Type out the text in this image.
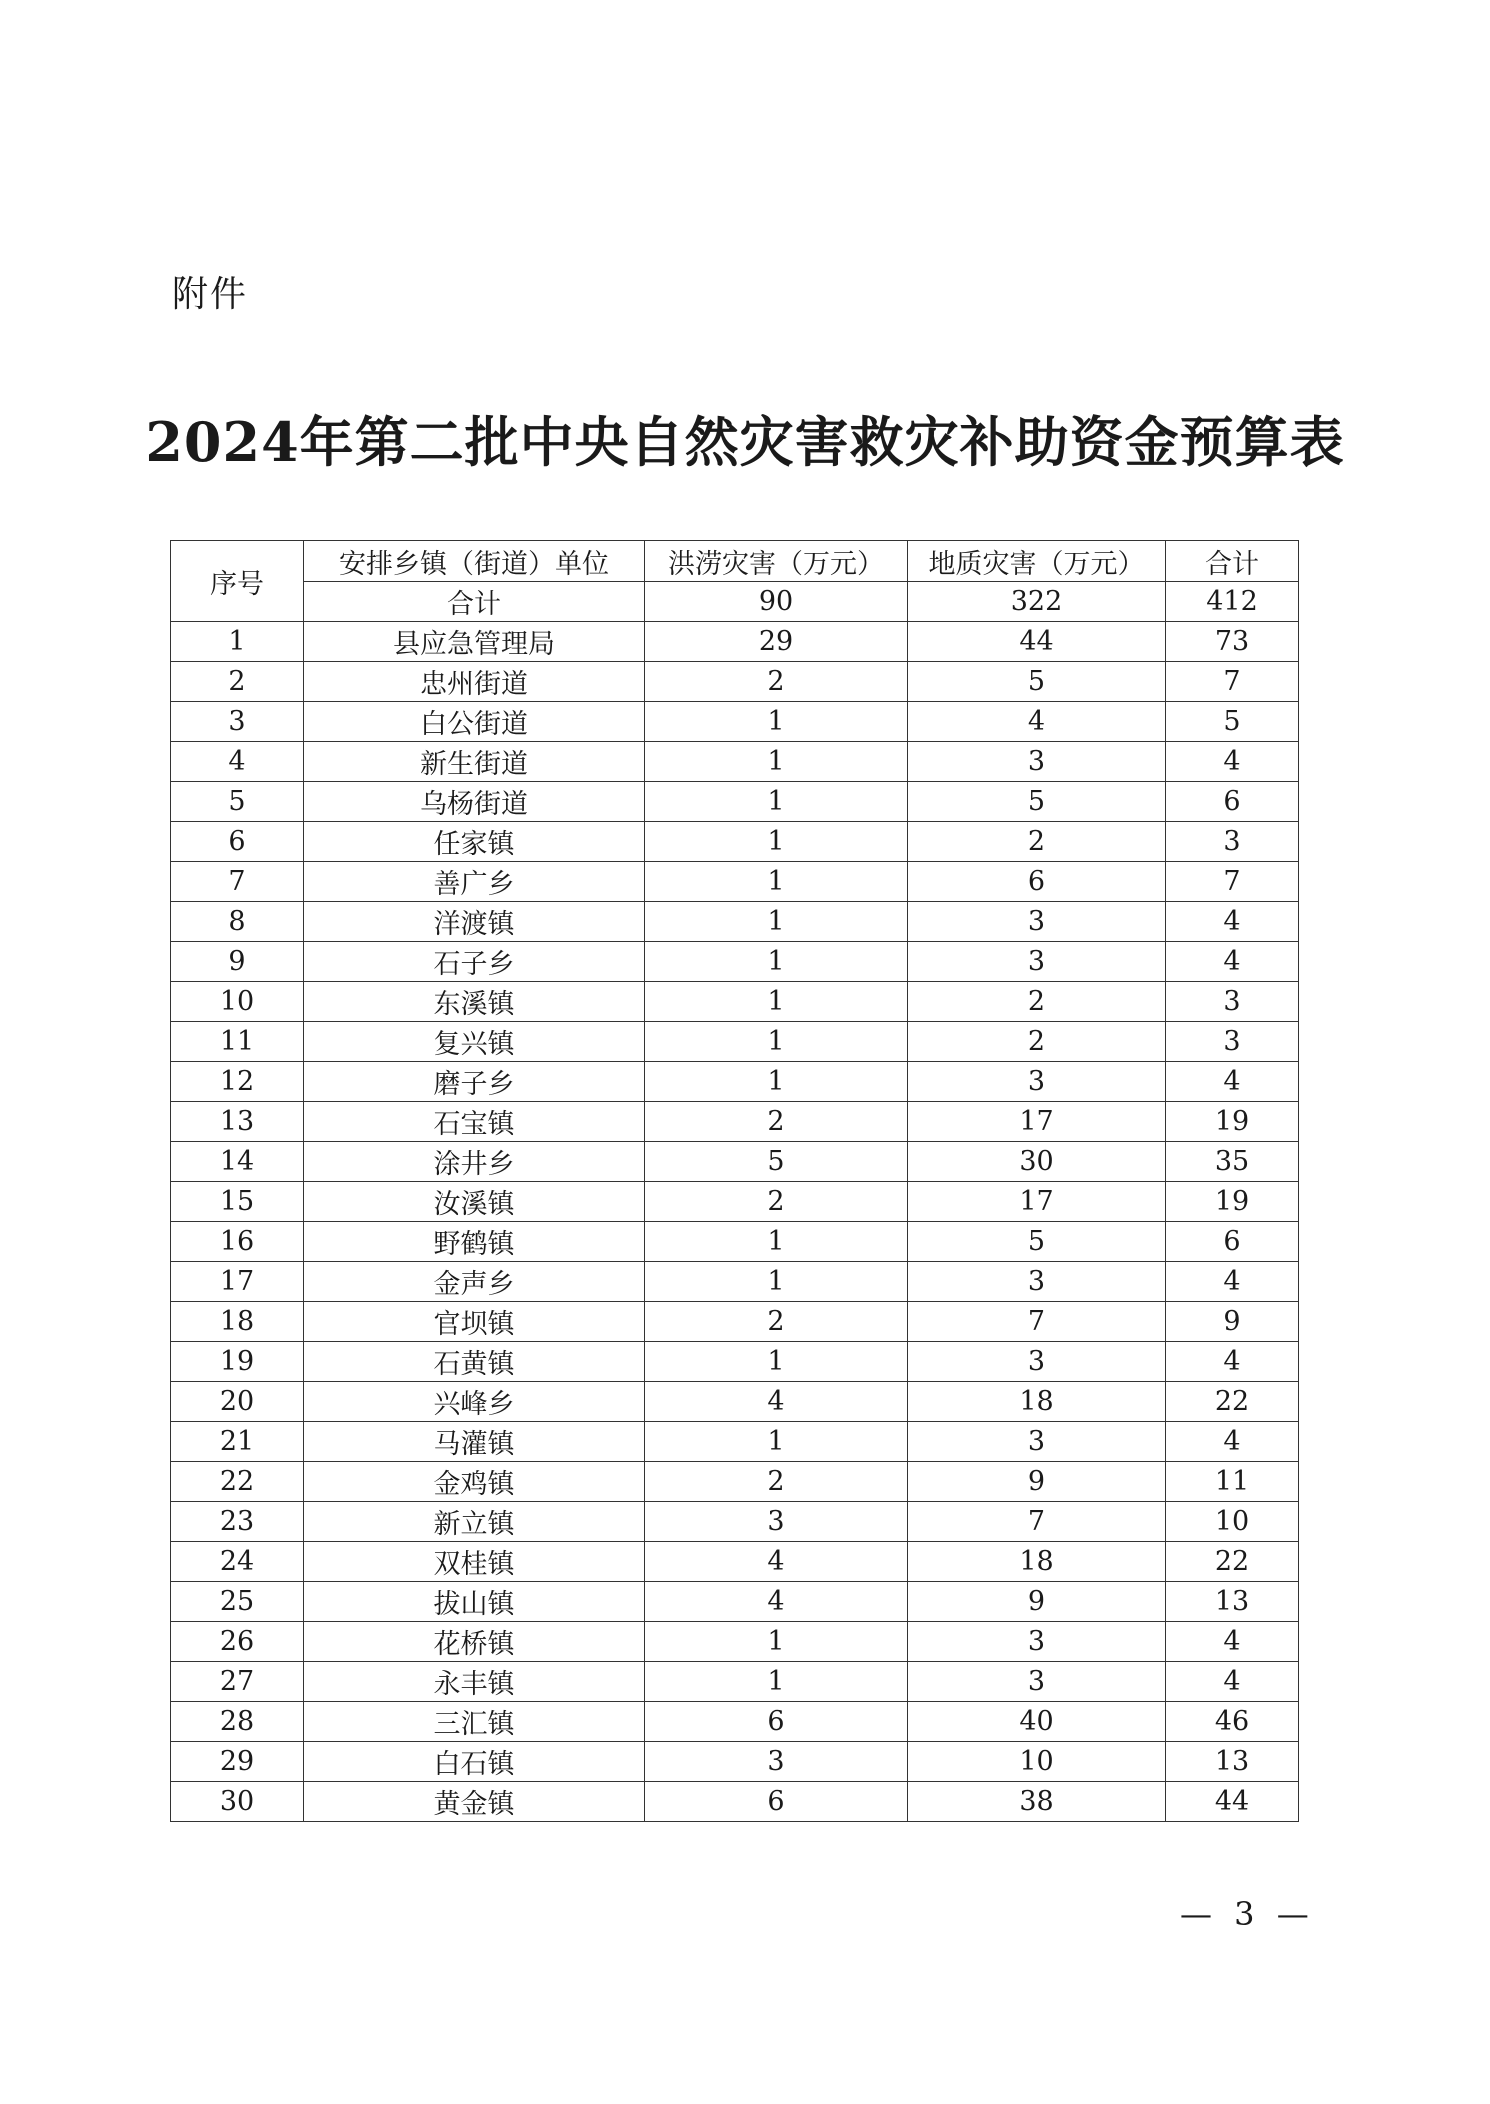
附件
2024年第二批中央自然灾害救灾补助资金预算表
序号	安排乡镇（街道）单位	洪涝灾害（万元）	地质灾害（万元）	合计
	合计	90	322	412
1	县应急管理局	29	44	73
2	忠州街道	2	5	7
3	白公街道	1	4	5
4	新生街道	1	3	4
5	乌杨街道	1	5	6
6	任家镇	1	2	3
7	善广乡	1	6	7
8	洋渡镇	1	3	4
9	石子乡	1	3	4
10	东溪镇	1	2	3
11	复兴镇	1	2	3
12	磨子乡	1	3	4
13	石宝镇	2	17	19
14	涂井乡	5	30	35
15	汝溪镇	2	17	19
16	野鹤镇	1	5	6
17	金声乡	1	3	4
18	官坝镇	2	7	9
19	石黄镇	1	3	4
20	兴峰乡	4	18	22
21	马灌镇	1	3	4
22	金鸡镇	2	9	11
23	新立镇	3	7	10
24	双桂镇	4	18	22
25	拔山镇	4	9	13
26	花桥镇	1	3	4
27	永丰镇	1	3	4
28	三汇镇	6	40	46
29	白石镇	3	10	13
30	黄金镇	6	38	44
— 3 —
